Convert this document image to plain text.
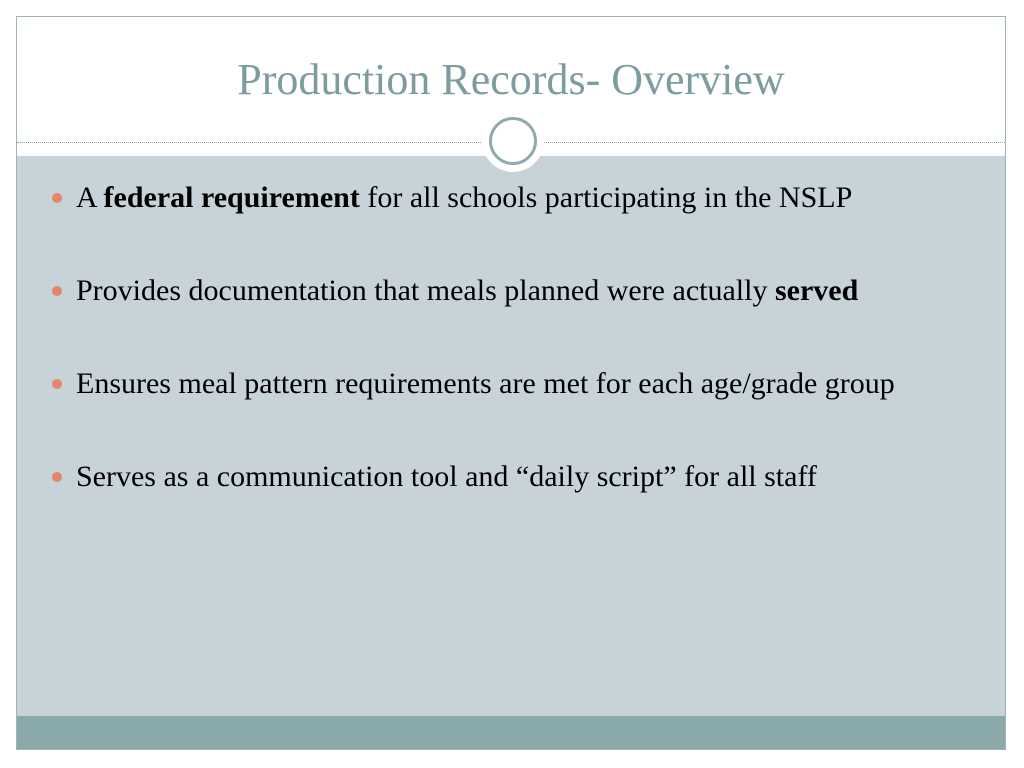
Production Records- Overview
A federal requirement for all schools participating in the NSLP
Provides documentation that meals planned were actually served
Ensures meal pattern requirements are met for each age/grade group
Serves as a communication tool and “daily script” for all staff
